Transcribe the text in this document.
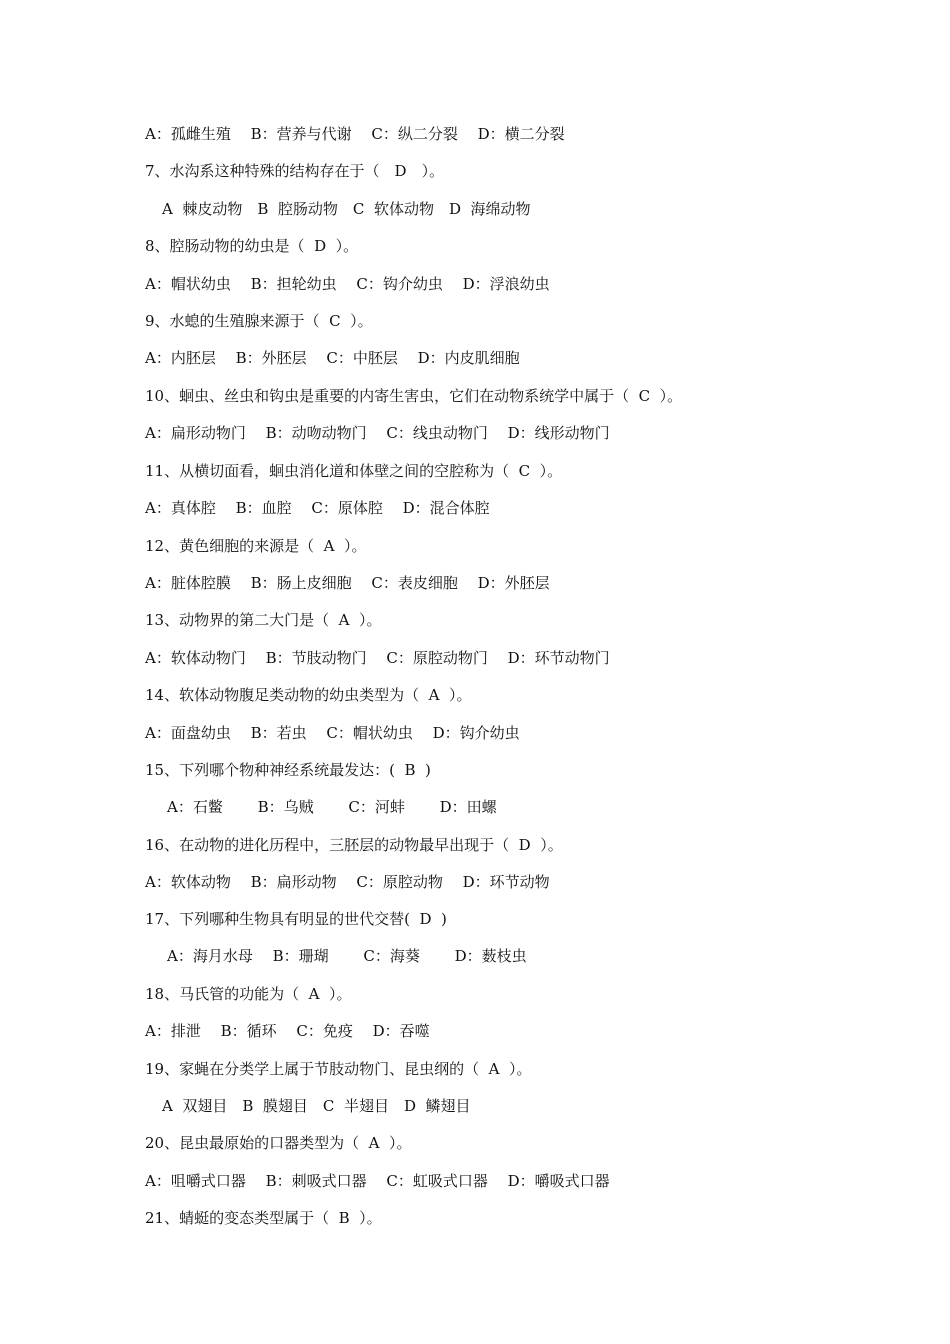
A：孤雌生殖　 B：营养与代谢　 C：纵二分裂　 D：横二分裂
7、水沟系这种特殊的结构存在于（　D　）。
A  棘皮动物　B  腔肠动物　C  软体动物　D  海绵动物
8、腔肠动物的幼虫是（  D  ）。
A：帽状幼虫　 B：担轮幼虫　 C：钩介幼虫　 D：浮浪幼虫
9、水螅的生殖腺来源于（  C  ）。
A：内胚层　 B：外胚层　 C：中胚层　 D：内皮肌细胞
10、蛔虫、丝虫和钩虫是重要的内寄生害虫，它们在动物系统学中属于（  C  ）。
A：扁形动物门　 B：动吻动物门　 C：线虫动物门　 D：线形动物门
11、从横切面看，蛔虫消化道和体壁之间的空腔称为（  C  ）。
A：真体腔　 B：血腔　 C：原体腔　 D：混合体腔
12、黄色细胞的来源是（  A  ）。
A：脏体腔膜　 B：肠上皮细胞　 C：表皮细胞　 D：外胚层
13、动物界的第二大门是（  A  ）。
A：软体动物门　 B：节肢动物门　 C：原腔动物门　 D：环节动物门
14、软体动物腹足类动物的幼虫类型为（  A  ）。
A：面盘幼虫　 B：若虫　 C：帽状幼虫　 D：钩介幼虫
15、下列哪个物种神经系统最发达：(  B  )
A：石鳖　　 B：乌贼　　 C：河蚌　　 D：田螺
16、在动物的进化历程中，三胚层的动物最早出现于（  D  ）。
A：软体动物　 B：扁形动物　 C：原腔动物　 D：环节动物
17、下列哪种生物具有明显的世代交替(  D  )
A：海月水母　 B：珊瑚　　 C：海葵　　 D：薮枝虫
18、马氏管的功能为（  A  ）。
A：排泄　 B：循环　 C：免疫　 D：吞噬
19、家蝇在分类学上属于节肢动物门、昆虫纲的（  A  ）。
A  双翅目　B  膜翅目　C  半翅目　D  鳞翅目
20、昆虫最原始的口器类型为（  A  ）。
A：咀嚼式口器　 B：刺吸式口器　 C：虹吸式口器　 D：嚼吸式口器
21、蜻蜓的变态类型属于（  B  ）。
